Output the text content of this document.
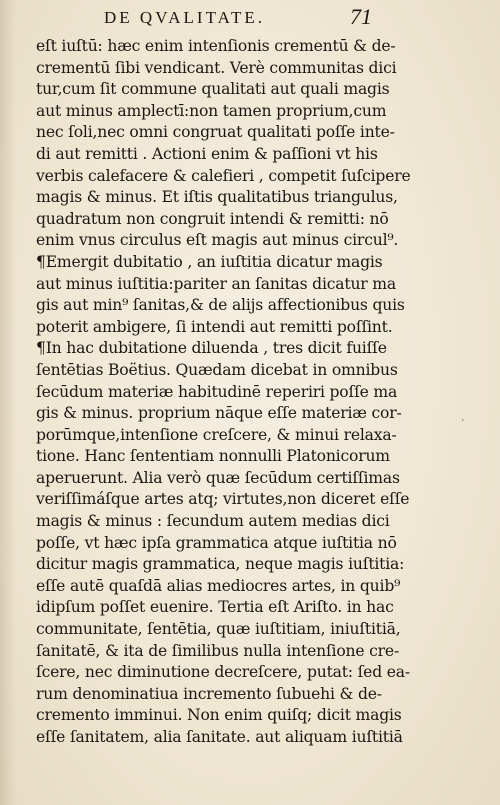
DE QVALITATE.	71
eſt iuſtū: hæc enim intenſionis crementū & de‑
crementū ſibi vendicant. Verè communitas dici
tur,cum ſit commune qualitati aut quali magis
aut minus amplectī:non tamen proprium,cum
nec ſoli,nec omni congruat qualitati poſſe inte‑
di aut remitti . Actioni enim & paſſioni vt his
verbis calefacere & calefieri , competit ſuſcipere
magis & minus. Et iſtis qualitatibus triangulus,
quadratum non congruit intendi & remitti: nō
enim vnus circulus eſt magis aut minus circul⁹.
¶Emergit dubitatio , an iuſtitia dicatur magis
aut minus iuſtitia:pariter an ſanitas dicatur ma
gis aut min⁹ ſanitas,& de alijs affectionibus quis
poterit ambigere, ſi intendi aut remitti poſſint.
¶In hac dubitatione diluenda , tres dicit fuiſſe
ſentētias Boëtius. Quædam dicebat in omnibus
ſecūdum materiæ habitudinē reperiri poſſe ma
gis & minus. proprium nāque eſſe materiæ cor‑
porūmque,intenſione creſcere, & minui relaxa‑
tione. Hanc ſententiam nonnulli Platonicorum
aperuerunt. Alia verò quæ ſecūdum certiſſimas
veriſſimáſque artes atq; virtutes,non diceret eſſe
magis & minus : ſecundum autem medias dici
poſſe, vt hæc ipſa grammatica atque iuſtitia nō
dicitur magis grammatica, neque magis iuſtitia:
eſſe autē quaſdā alias mediocres artes, in quib⁹
idipſum poſſet euenire. Tertia eſt Ariſto. in hac
communitate, ſentētia, quæ iuſtitiam, iniuſtitiā,
ſanitatē, & ita de ſimilibus nulla intenſione cre‑
ſcere, nec diminutione decreſcere, putat: ſed ea‑
rum denominatiua incremento ſubuehi & de‑
cremento imminui. Non enim quiſq; dicit magis
eſſe ſanitatem, alia ſanitate. aut aliquam iuſtitiā
'
